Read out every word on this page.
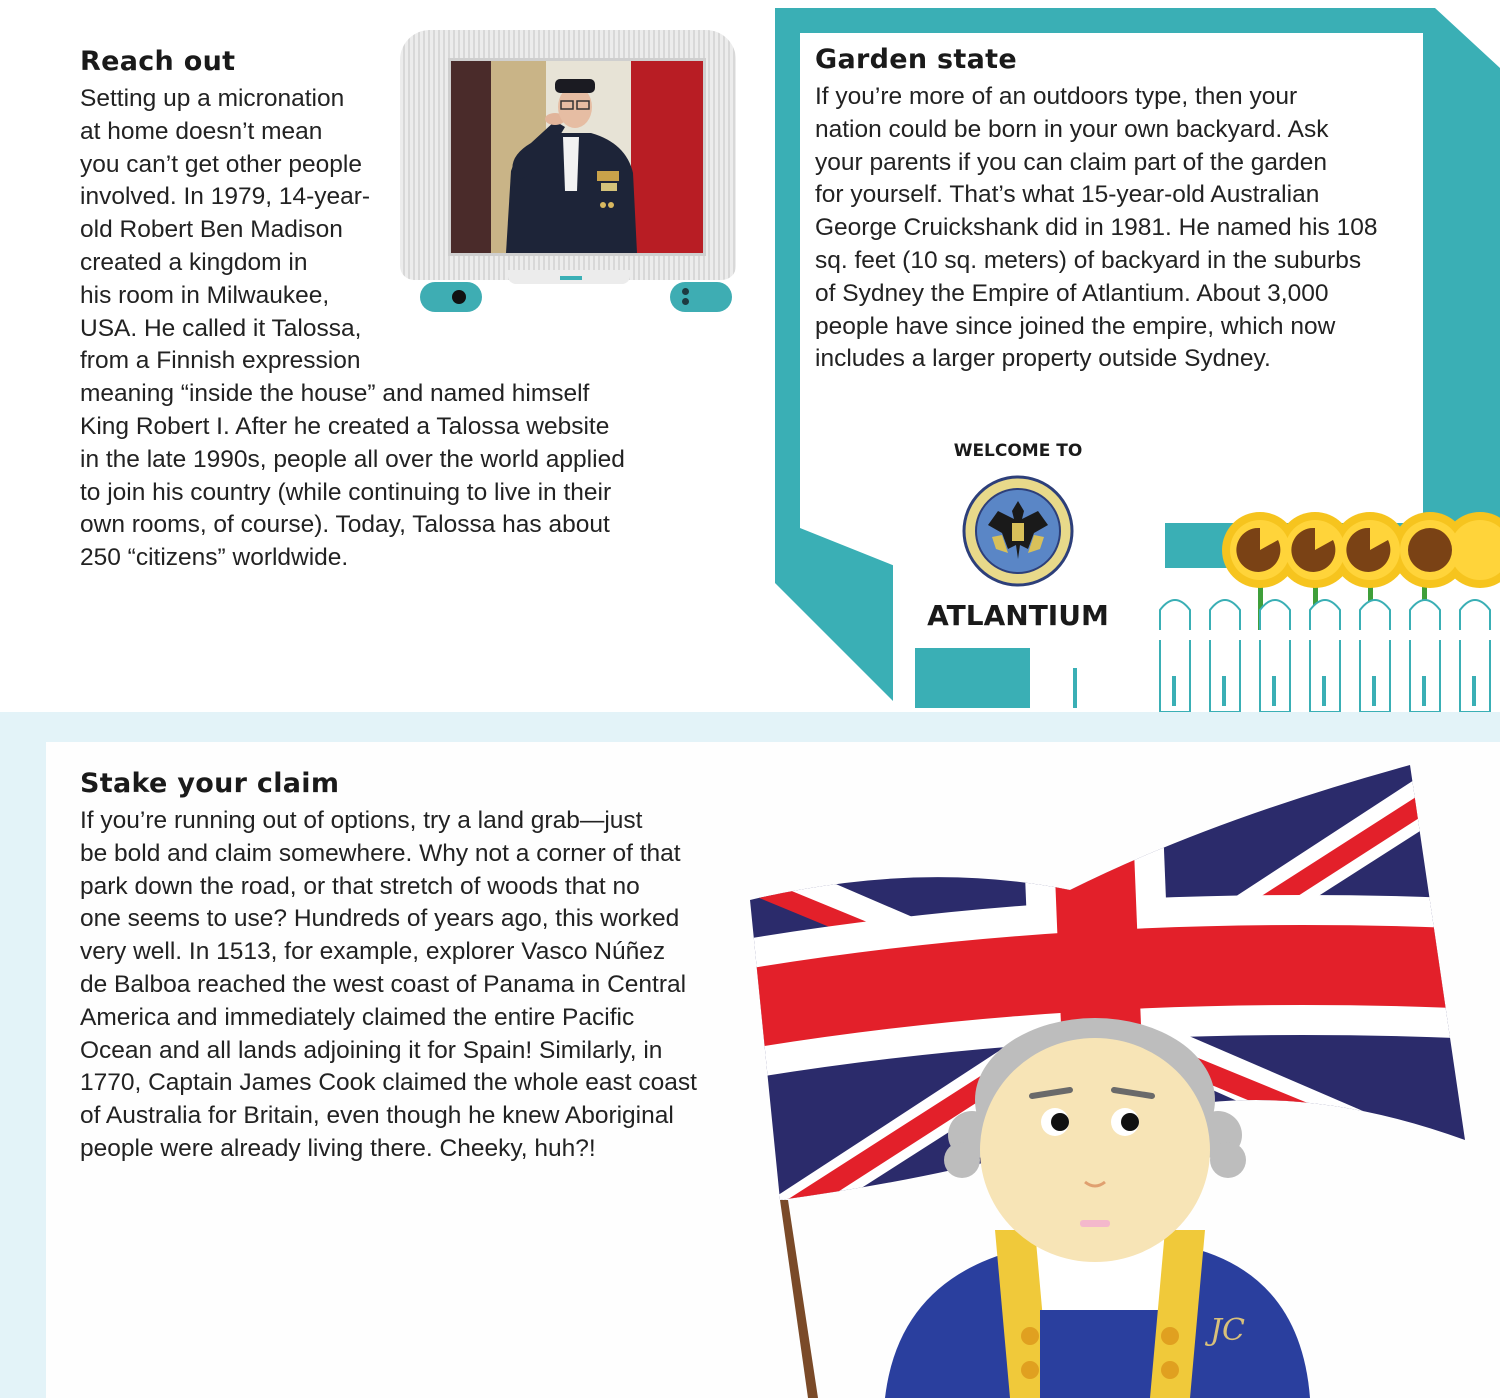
Reach out
Setting up a micronation
at home doesn’t mean
you can’t get other people
involved. In 1979, 14-year-
old Robert Ben Madison
created a kingdom in
his room in Milwaukee,
USA. He called it Talossa,
from a Finnish expression
meaning “inside the house” and named himself
King Robert I. After he created a Talossa website
in the late 1990s, people all over the world applied
to join his country (while continuing to live in their
own rooms, of course). Today, Talossa has about
250 “citizens” worldwide.
Garden state
If you’re more of an outdoors type, then your
nation could be born in your own backyard. Ask
your parents if you can claim part of the garden
for yourself. That’s what 15-year-old Australian
George Cruickshank did in 1981. He named his 108
sq. feet (10 sq. meters) of backyard in the suburbs
of Sydney the Empire of Atlantium. About 3,000
people have since joined the empire, which now
includes a larger property outside Sydney.
WELCOME TO
ATLANTIUM
Stake your claim
If you’re running out of options, try a land grab—just
be bold and claim somewhere. Why not a corner of that
park down the road, or that stretch of woods that no
one seems to use? Hundreds of years ago, this worked
very well. In 1513, for example, explorer Vasco Núñez
de Balboa reached the west coast of Panama in Central
America and immediately claimed the entire Pacific
Ocean and all lands adjoining it for Spain! Similarly, in
1770, Captain James Cook claimed the whole east coast
of Australia for Britain, even though he knew Aboriginal
people were already living there. Cheeky, huh?!
JC
